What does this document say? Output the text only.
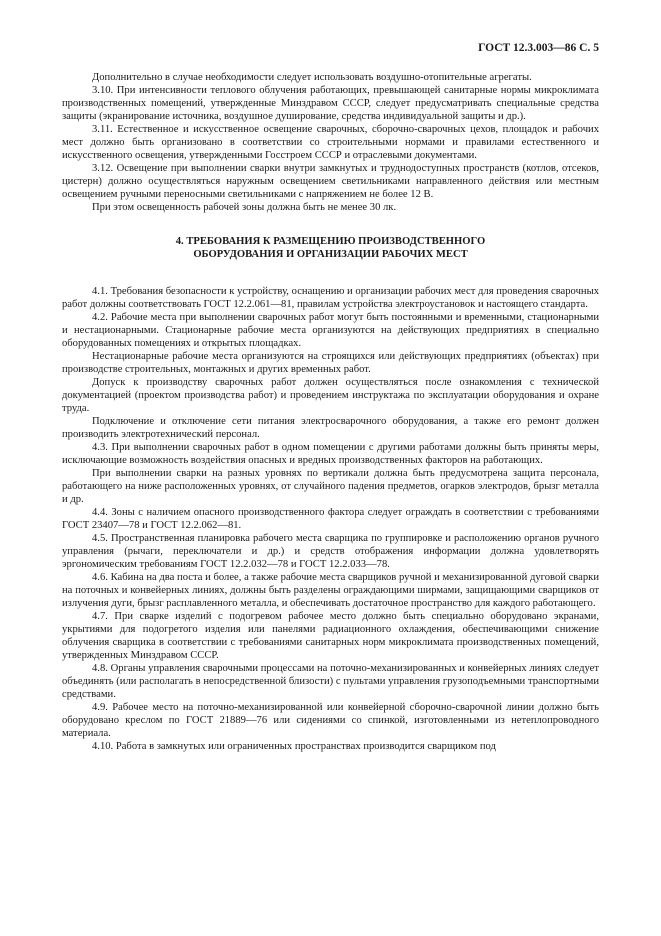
ГОСТ 12.3.003—86 С. 5

Дополнительно в случае необходимости следует использовать воздушно-отопительные агрегаты.

3.10. При интенсивности теплового облучения работающих, превышающей санитарные нормы микроклимата производственных помещений, утвержденные Минздравом СССР, следует предусматривать специальные средства защиты (экранирование источника, воздушное душирование, средства индивидуальной защиты и др.).

3.11. Естественное и искусственное освещение сварочных, сборочно-сварочных цехов, площадок и рабочих мест должно быть организовано в соответствии со строительными нормами и правилами естественного и искусственного освещения, утвержденными Госстроем СССР и отраслевыми документами.

3.12. Освещение при выполнении сварки внутри замкнутых и труднодоступных пространств (котлов, отсеков, цистерн) должно осуществляться наружным освещением светильниками направленного действия или местным освещением ручными переносными светильниками с напряжением не более 12 В.

При этом освещенность рабочей зоны должна быть не менее 30 лк.

4. ТРЕБОВАНИЯ К РАЗМЕЩЕНИЮ ПРОИЗВОДСТВЕННОГО
ОБОРУДОВАНИЯ И ОРГАНИЗАЦИИ РАБОЧИХ МЕСТ

4.1. Требования безопасности к устройству, оснащению и организации рабочих мест для проведения сварочных работ должны соответствовать ГОСТ 12.2.061—81, правилам устройства электроустановок и настоящего стандарта.

4.2. Рабочие места при выполнении сварочных работ могут быть постоянными и временными, стационарными и нестационарными. Стационарные рабочие места организуются на действующих предприятиях в специально оборудованных помещениях и открытых площадках.

Нестационарные рабочие места организуются на строящихся или действующих предприятиях (объектах) при производстве строительных, монтажных и других временных работ.

Допуск к производству сварочных работ должен осуществляться после ознакомления с технической документацией (проектом производства работ) и проведением инструктажа по эксплуатации оборудования и охране труда.

Подключение и отключение сети питания электросварочного оборудования, а также его ремонт должен производить электротехнический персонал.

4.3. При выполнении сварочных работ в одном помещении с другими работами должны быть приняты меры, исключающие возможность воздействия опасных и вредных производственных факторов на работающих.

При выполнении сварки на разных уровнях по вертикали должна быть предусмотрена защита персонала, работающего на ниже расположенных уровнях, от случайного падения предметов, огарков электродов, брызг металла и др.

4.4. Зоны с наличием опасного производственного фактора следует ограждать в соответствии с требованиями ГОСТ 23407—78 и ГОСТ 12.2.062—81.

4.5. Пространственная планировка рабочего места сварщика по группировке и расположению органов ручного управления (рычаги, переключатели и др.) и средств отображения информации должна удовлетворять эргономическим требованиям ГОСТ 12.2.032—78 и ГОСТ 12.2.033—78.

4.6. Кабина на два поста и более, а также рабочие места сварщиков ручной и механизированной дуговой сварки на поточных и конвейерных линиях, должны быть разделены ограждающими ширмами, защищающими сварщиков от излучения дуги, брызг расплавленного металла, и обеспечивать достаточное пространство для каждого работающего.

4.7. При сварке изделий с подогревом рабочее место должно быть специально оборудовано экранами, укрытиями для подогретого изделия или панелями радиационного охлаждения, обеспечивающими снижение облучения сварщика в соответствии с требованиями санитарных норм микроклимата производственных помещений, утвержденных Минздравом СССР.

4.8. Органы управления сварочными процессами на поточно-механизированных и конвейерных линиях следует объединять (или располагать в непосредственной близости) с пультами управления грузоподъемными транспортными средствами.

4.9. Рабочее место на поточно-механизированной или конвейерной сборочно-сварочной линии должно быть оборудовано креслом по ГОСТ 21889—76 или сидениями со спинкой, изготовленными из нетеплопроводного материала.

4.10. Работа в замкнутых или ограниченных пространствах производится сварщиком под
